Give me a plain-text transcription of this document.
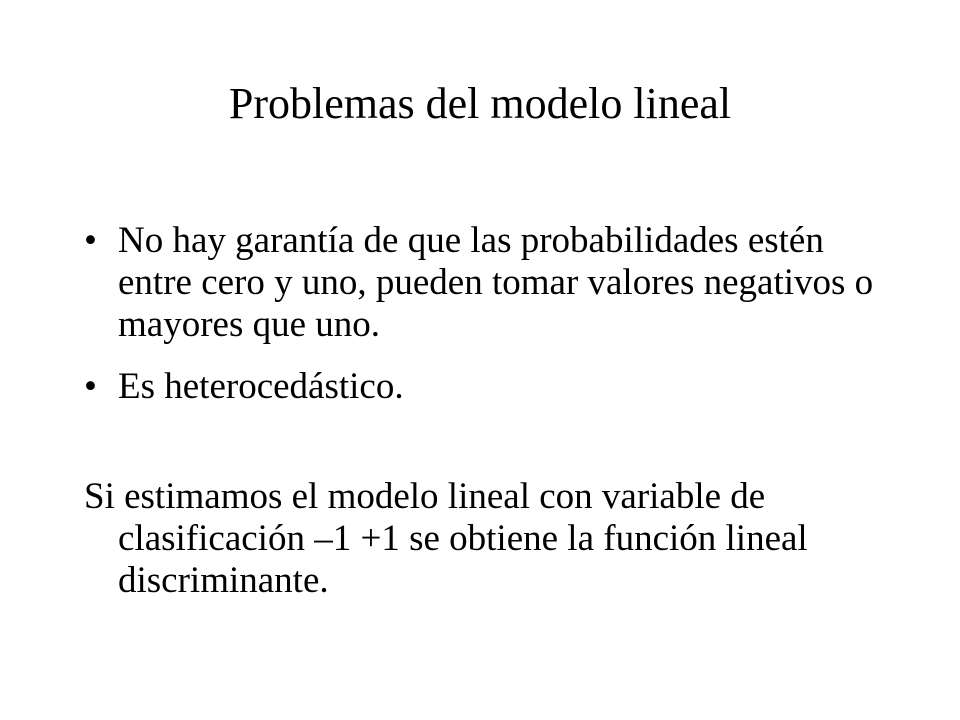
Problemas del modelo lineal
• No hay garantía de que las probabilidades estén entre cero y uno, pueden tomar valores negativos o mayores que uno.
• Es heterocedástico.

Si estimamos el modelo lineal con variable de clasificación –1 +1 se obtiene la función lineal discriminante.
